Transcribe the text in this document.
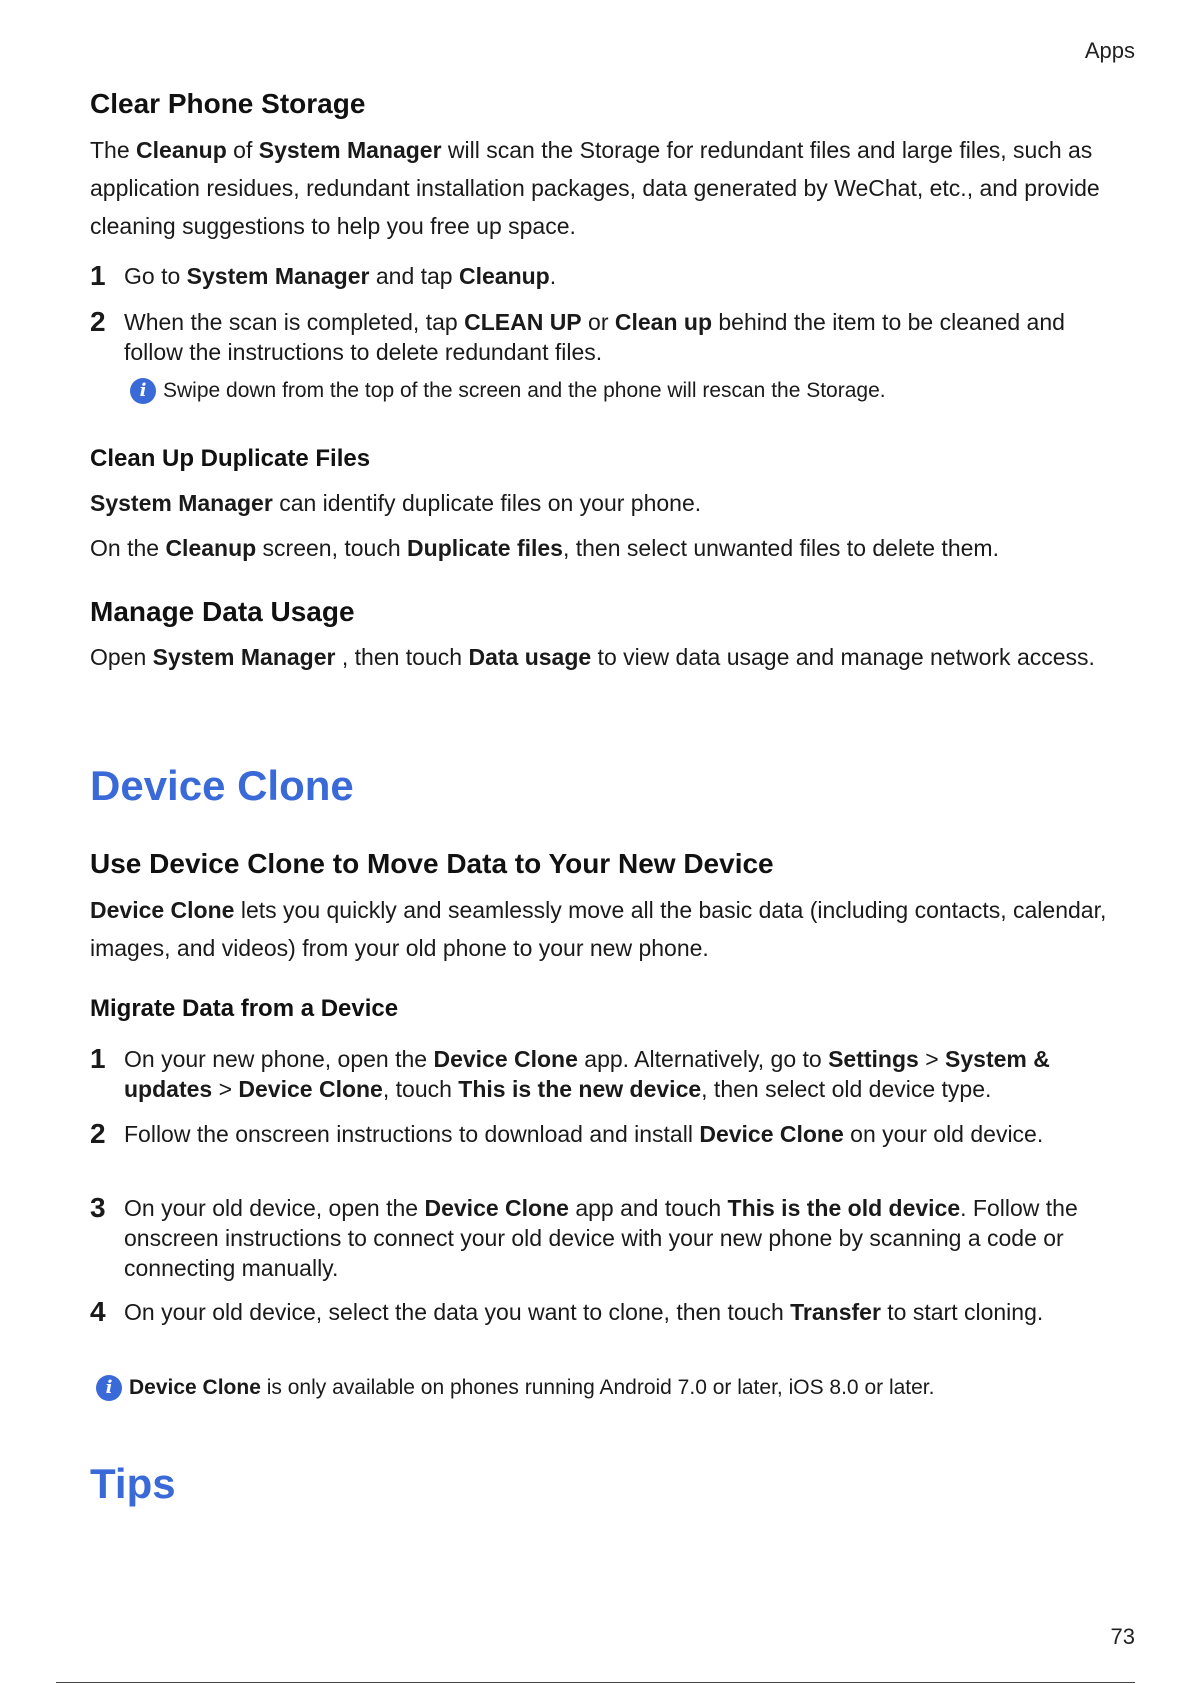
Apps
Clear Phone Storage
The Cleanup of System Manager will scan the Storage for redundant files and large files, such as application residues, redundant installation packages, data generated by WeChat, etc., and provide cleaning suggestions to help you free up space.
1 Go to System Manager and tap Cleanup.
2 When the scan is completed, tap CLEAN UP or Clean up behind the item to be cleaned and follow the instructions to delete redundant files.
i Swipe down from the top of the screen and the phone will rescan the Storage.
Clean Up Duplicate Files
System Manager can identify duplicate files on your phone.
On the Cleanup screen, touch Duplicate files, then select unwanted files to delete them.
Manage Data Usage
Open System Manager , then touch Data usage to view data usage and manage network access.
Device Clone
Use Device Clone to Move Data to Your New Device
Device Clone lets you quickly and seamlessly move all the basic data (including contacts, calendar, images, and videos) from your old phone to your new phone.
Migrate Data from a Device
1 On your new phone, open the Device Clone app. Alternatively, go to Settings > System & updates > Device Clone, touch This is the new device, then select old device type.
2 Follow the onscreen instructions to download and install Device Clone on your old device.
3 On your old device, open the Device Clone app and touch This is the old device. Follow the onscreen instructions to connect your old device with your new phone by scanning a code or connecting manually.
4 On your old device, select the data you want to clone, then touch Transfer to start cloning.
i Device Clone is only available on phones running Android 7.0 or later, iOS 8.0 or later.
Tips
73
